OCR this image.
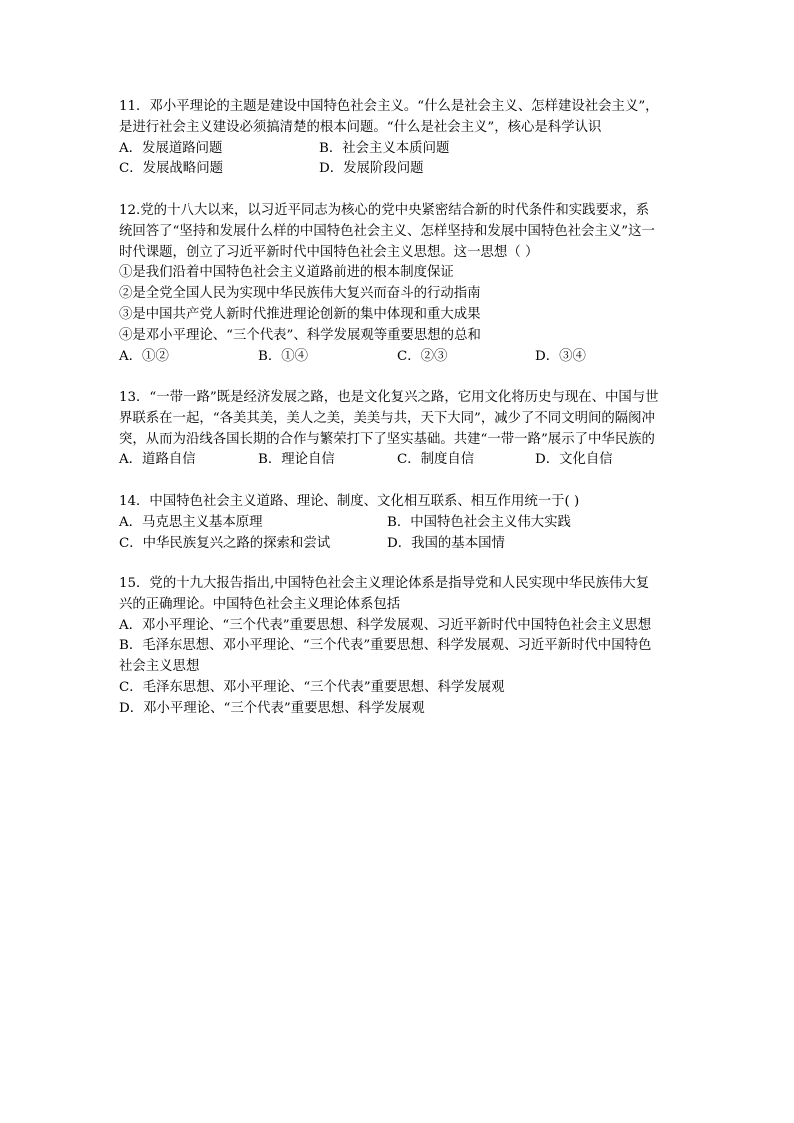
11．邓小平理论的主题是建设中国特色社会主义。“什么是社会主义、怎样建设社会主义”，
是进行社会主义建设必须搞清楚的根本问题。“什么是社会主义”，核心是科学认识
A．发展道路问题	B．社会主义本质问题
C．发展战略问题	D．发展阶段问题
12.党的十八大以来，以习近平同志为核心的党中央紧密结合新的时代条件和实践要求，系
统回答了“坚持和发展什么样的中国特色社会主义、怎样坚持和发展中国特色社会主义”这一
时代课题，创立了习近平新时代中国特色社会主义思想。这一思想（ ）
①是我们沿着中国特色社会主义道路前进的根本制度保证
②是全党全国人民为实现中华民族伟大复兴而奋斗的行动指南
③是中国共产党人新时代推进理论创新的集中体现和重大成果
④是邓小平理论、“三个代表”、科学发展观等重要思想的总和
A．①②	B．①④	C．②③	D．③④
13．“一带一路”既是经济发展之路，也是文化复兴之路，它用文化将历史与现在、中国与世
界联系在一起，“各美其美，美人之美，美美与共，天下大同”，减少了不同文明间的隔阂冲
突，从而为沿线各国长期的合作与繁荣打下了坚实基础。共建“一带一路”展示了中华民族的
A．道路自信	B．理论自信	C．制度自信	D．文化自信
14．中国特色社会主义道路、理论、制度、文化相互联系、相互作用统一于( )
A．马克思主义基本原理	B．中国特色社会主义伟大实践
C．中华民族复兴之路的探索和尝试	D．我国的基本国情
15．党的十九大报告指出,中国特色社会主义理论体系是指导党和人民实现中华民族伟大复
兴的正确理论。中国特色社会主义理论体系包括
A．邓小平理论、“三个代表”重要思想、科学发展观、习近平新时代中国特色社会主义思想
B．毛泽东思想、邓小平理论、“三个代表”重要思想、科学发展观、习近平新时代中国特色
社会主义思想
C．毛泽东思想、邓小平理论、“三个代表”重要思想、科学发展观
D．邓小平理论、“三个代表”重要思想、科学发展观
